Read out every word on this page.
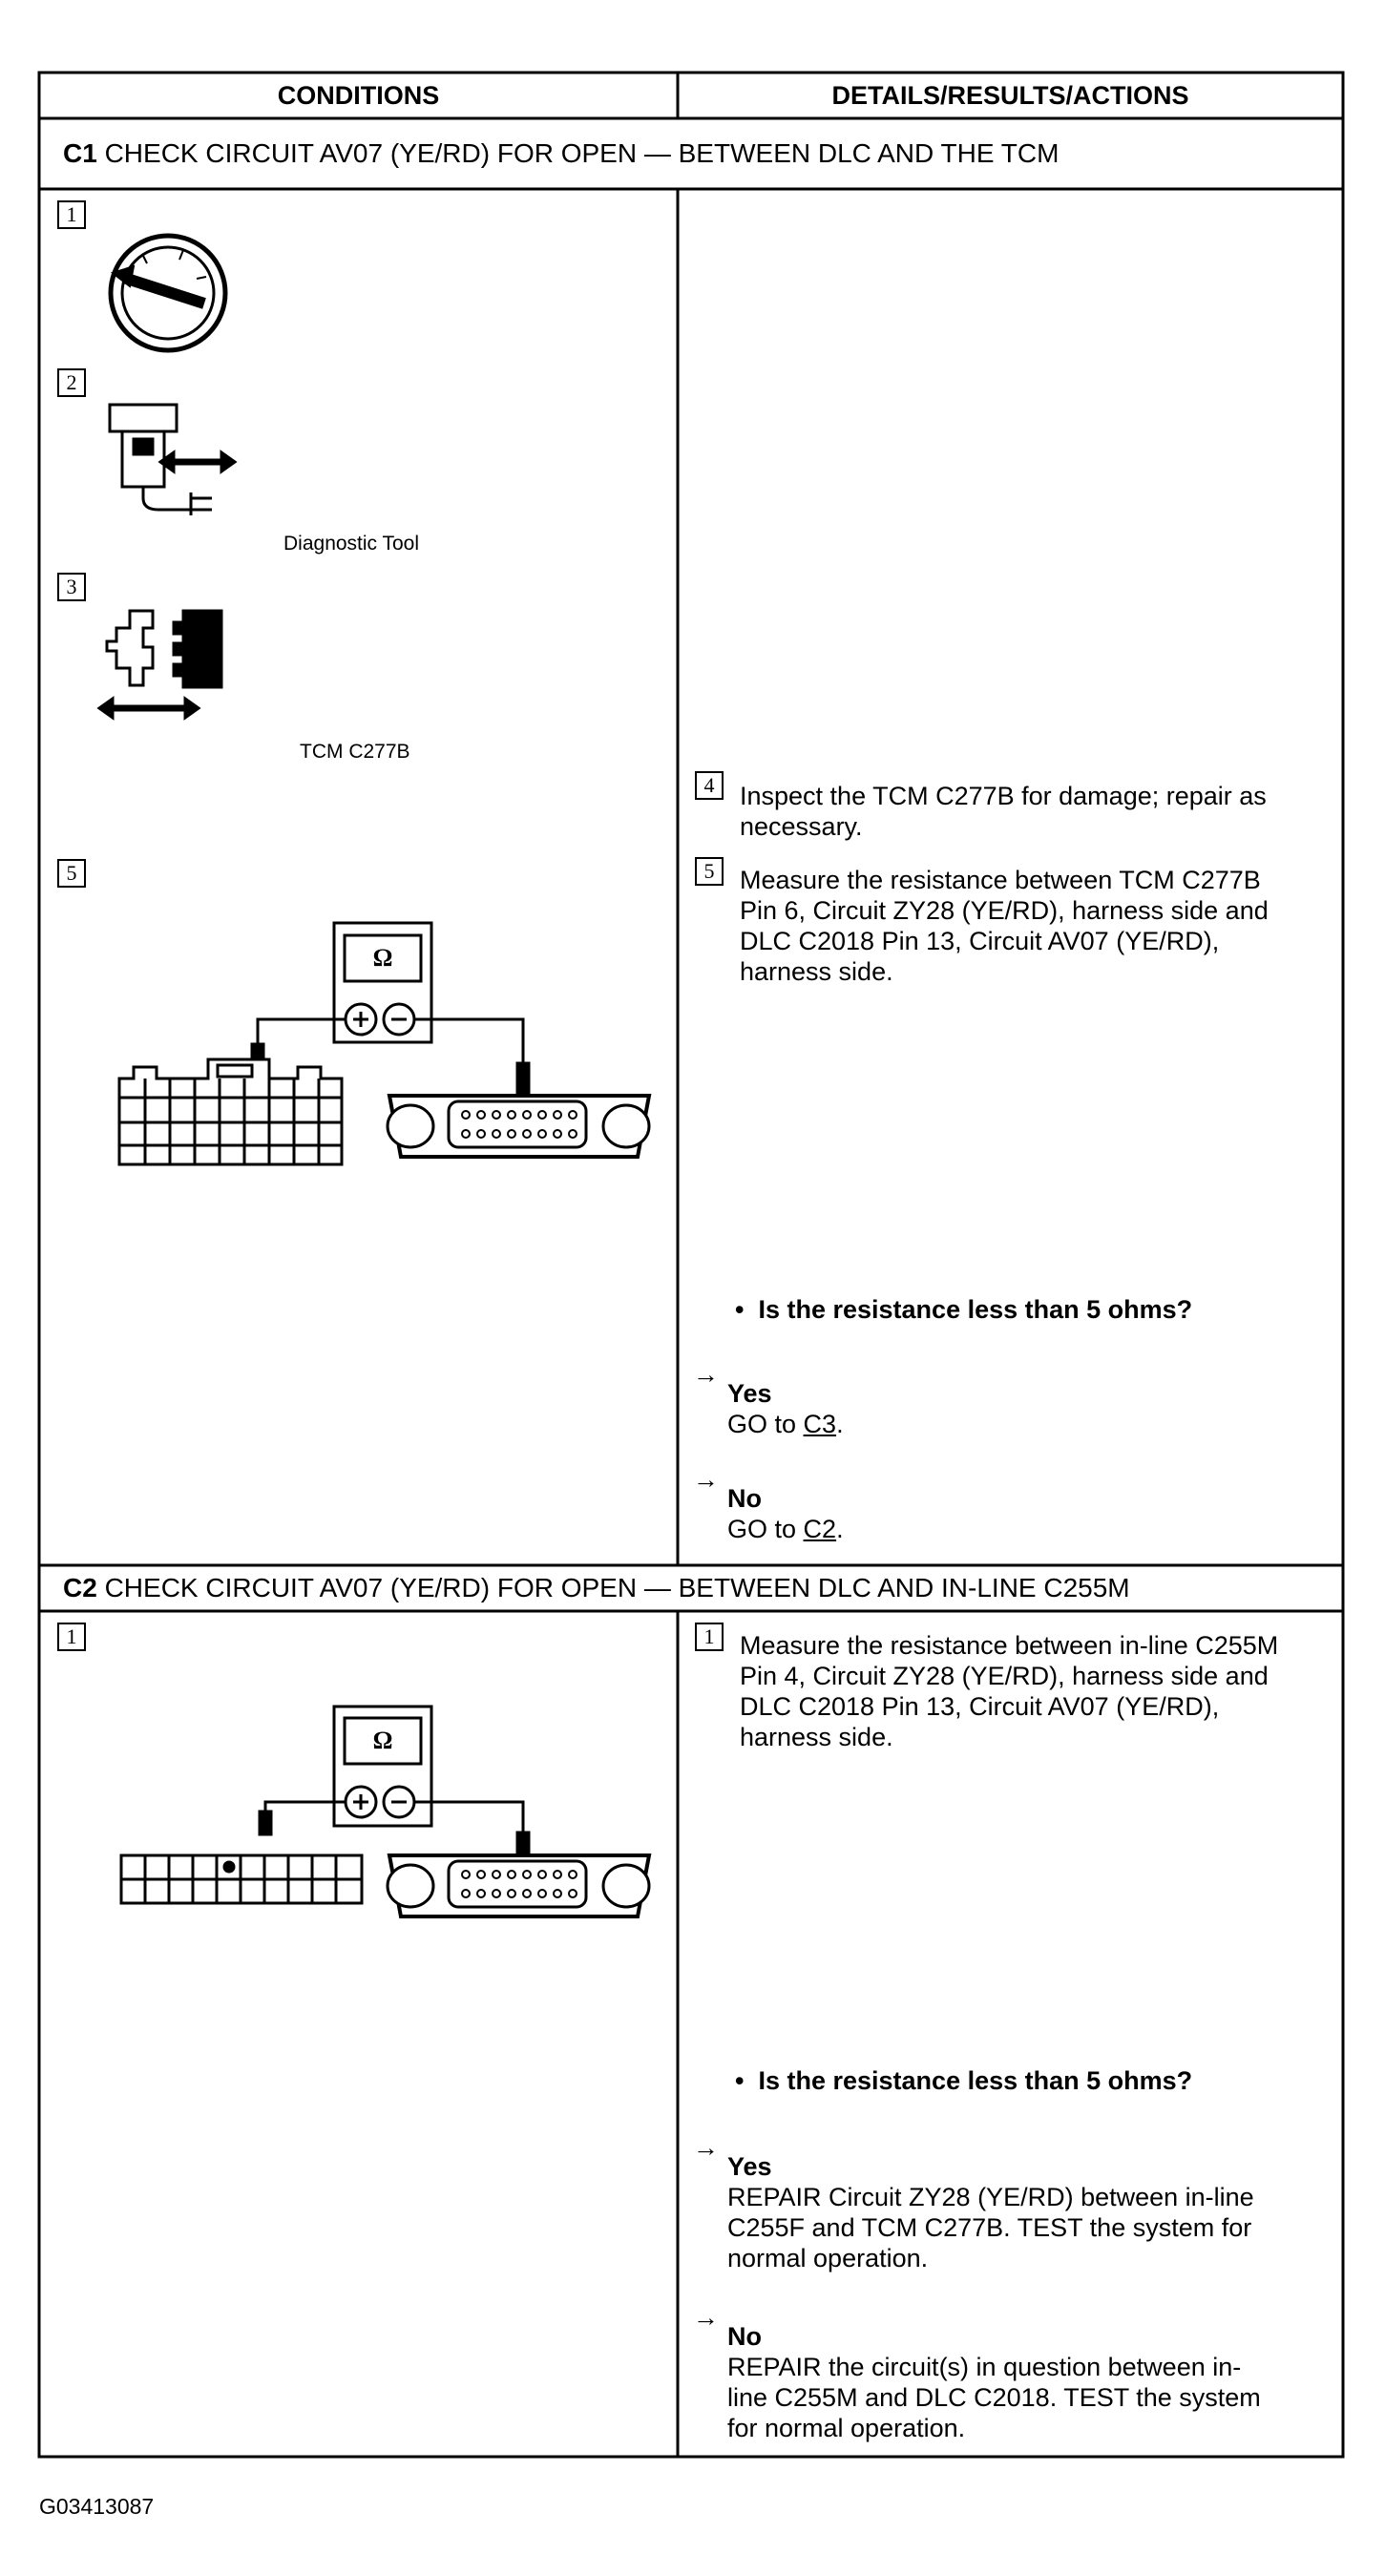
CONDITIONS	DETAILS/RESULTS/ACTIONS
C1 CHECK CIRCUIT AV07 (YE/RD) FOR OPEN — BETWEEN DLC AND THE TCM
1
2
Diagnostic Tool
3
TCM C277B
5
Ω
4 Inspect the TCM C277B for damage; repair as
necessary.
5 Measure the resistance between TCM C277B
Pin 6, Circuit ZY28 (YE/RD), harness side and
DLC C2018 Pin 13, Circuit AV07 (YE/RD),
harness side.
• Is the resistance less than 5 ohms?
→
Yes
GO to C3.
→
No
GO to C2.
C2 CHECK CIRCUIT AV07 (YE/RD) FOR OPEN — BETWEEN DLC AND IN-LINE C255M
1
Ω
1 Measure the resistance between in-line C255M
Pin 4, Circuit ZY28 (YE/RD), harness side and
DLC C2018 Pin 13, Circuit AV07 (YE/RD),
harness side.
• Is the resistance less than 5 ohms?
→
Yes
REPAIR Circuit ZY28 (YE/RD) between in-line
C255F and TCM C277B. TEST the system for
normal operation.
→
No
REPAIR the circuit(s) in question between in-
line C255M and DLC C2018. TEST the system
for normal operation.
G03413087
